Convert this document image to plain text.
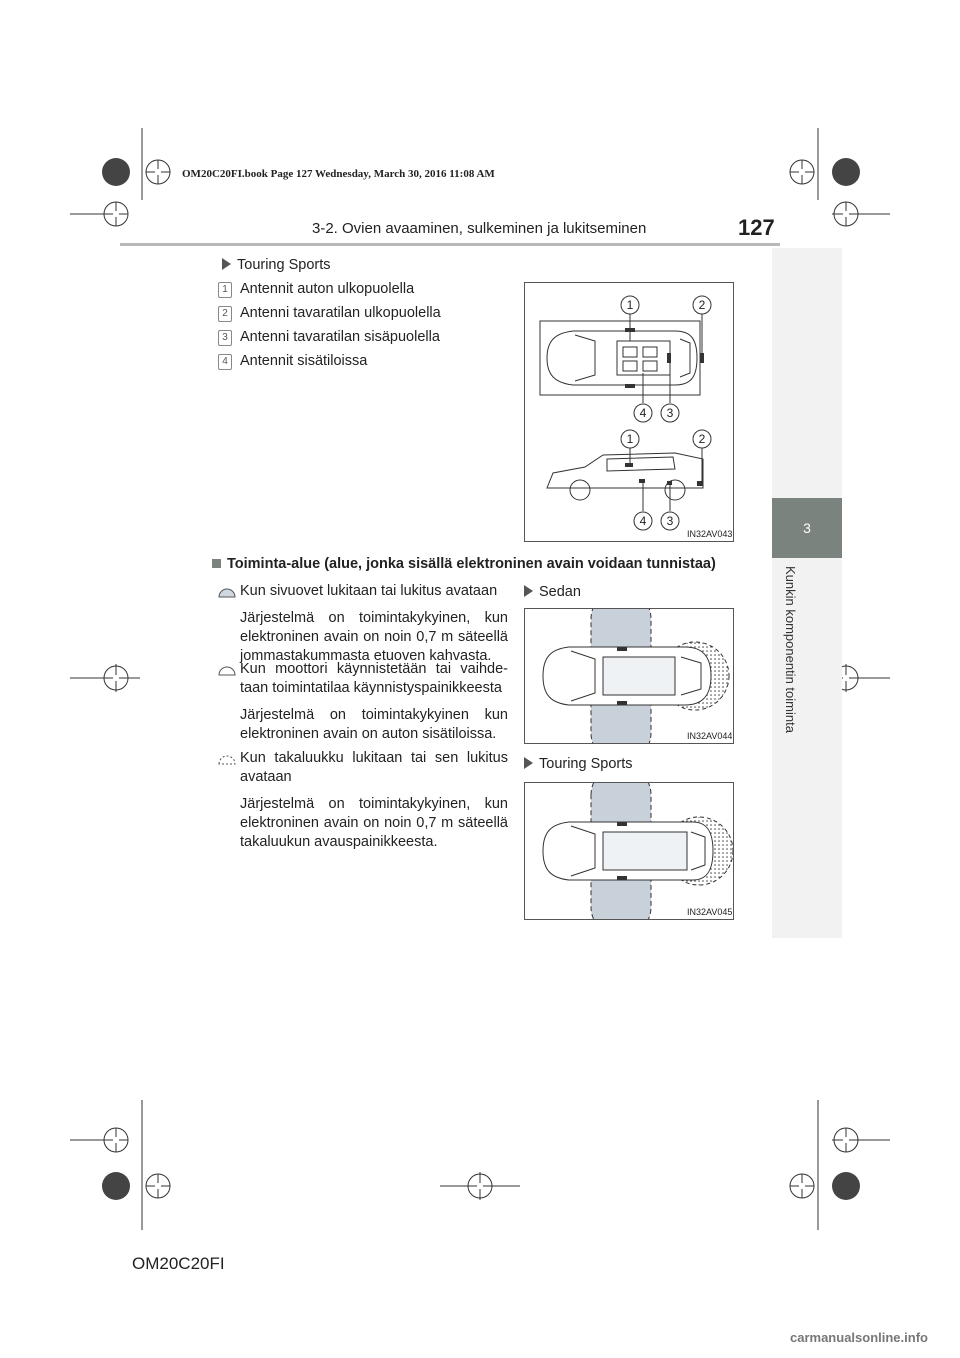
OM20C20FI.book Page 127 Wednesday, March 30, 2016 11:08 AM
3-2. Ovien avaaminen, sulkeminen ja lukitseminen	127
3
Kunkin komponentin toiminta
Touring Sports
1 Antennit auton ulkopuolella
2 Antenni tavaratilan ulkopuolella
3 Antenni tavaratilan sisäpuolella
4 Antennit sisätiloissa
1	2
4 3
1	2
4 3
IN32AV043
Toiminta-alue (alue, jonka sisällä elektroninen avain voidaan tunnistaa)
Kun sivuovet lukitaan tai lukitus avataan
Järjestelmä on toimintakykyinen, kun elektroninen avain on noin 0,7 m säteellä jommastakummasta etuoven kahvasta.
Kun moottori käynnistetään tai vaihde-taan toimintatilaa käynnistyspainikkeesta
Järjestelmä on toimintakykyinen kun elektroninen avain on auton sisätiloissa.
Kun takaluukku lukitaan tai sen lukitus avataan
Järjestelmä on toimintakykyinen, kun elektroninen avain on noin 0,7 m säteellä takaluukun avauspainikkeesta.
Sedan
IN32AV044
Touring Sports
IN32AV045
OM20C20FI
carmanualsonline.info
